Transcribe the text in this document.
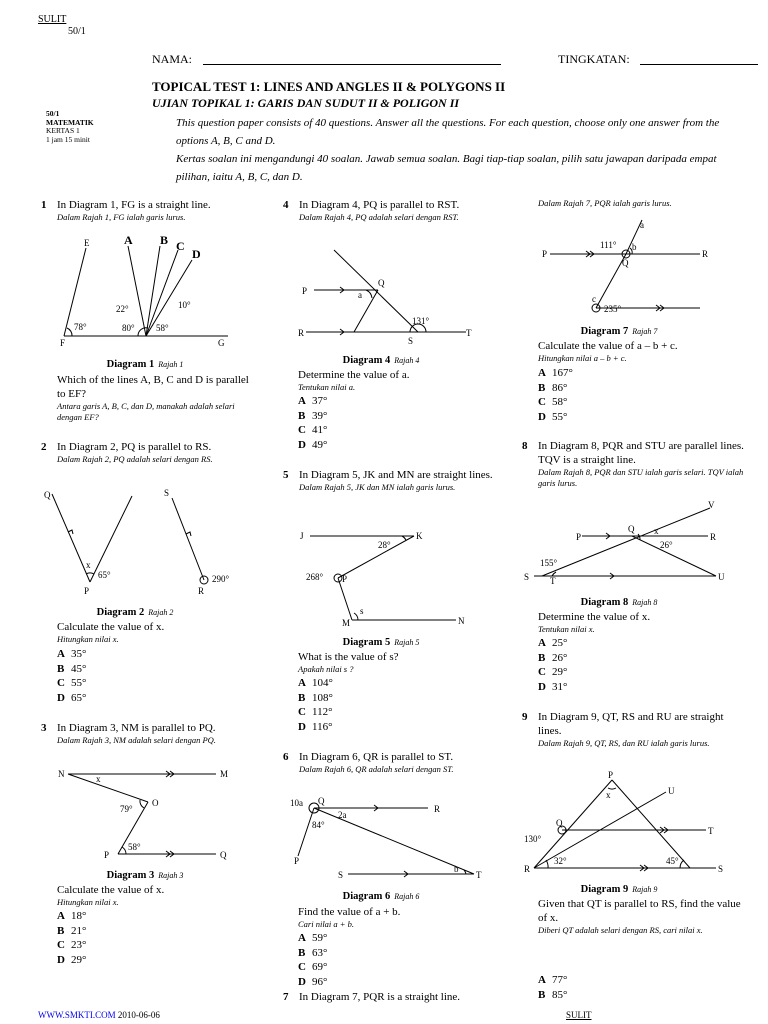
SULIT
50/1
NAMA:	TINGKATAN:
TOPICAL TEST 1: LINES AND ANGLES II & POLYGONS II
UJIAN TOPIKAL 1: GARIS DAN SUDUT II & POLIGON II
50/1
MATEMATIK
KERTAS 1
1 jam 15 minit
This question paper consists of 40 questions. Answer all the questions. For each question, choose only one answer from the options A, B, C and D.
Kertas soalan ini mengandungi 40 soalan. Jawab semua soalan. Bagi tiap-tiap soalan, pilih satu jawapan daripada empat pilihan, iaitu A, B, C, dan D.
1 In Diagram 1, FG is a straight line.
Dalam Rajah 1, FG ialah garis lurus.
E	A B C
D
22°	10°
78°	80° 58°
F	G
Diagram 1 Rajah 1
Which of the lines A, B, C and D is parallel to EF?
Antara garis A, B, C, dan D, manakah adalah selari dengan EF?
2 In Diagram 2, PQ is parallel to RS.
Dalam Rajah 2, PQ adalah selari dengan RS.
Q	S
x
65°	290°
P	R
Diagram 2 Rajah 2
Calculate the value of x.
Hitungkan nilai x.
A 35°
B 45°
C 55°
D 65°
3 In Diagram 3, NM is parallel to PQ.
Dalam Rajah 3, NM adalah selari dengan PQ.
N	M
x
79°
O
58°
P	Q
Diagram 3 Rajah 3
Calculate the value of x.
Hitungkan nilai x.
A 18°
B 21°
C 23°
D 29°
4 In Diagram 4, PQ is parallel to RST.
Dalam Rajah 4, PQ adalah selari dengan RST.
P
Q
a
131°
R
S
T
Diagram 4 Rajah 4
Determine the value of a.
Tentukan nilai a.
A 37°
B 39°
C 41°
D 49°
5 In Diagram 5, JK and MN are straight lines.
Dalam Rajah 5, JK dan MN ialah garis lurus.
J	K
28°
268° P
s
M	N
Diagram 5 Rajah 5
What is the value of s?
Apakah nilai s ?
A 104°
B 108°
C 112°
D 116°
6 In Diagram 6, QR is parallel to ST.
Dalam Rajah 6, QR adalah selari dengan ST.
10a Q
2a
84°
R
P
S
b
T
Diagram 6 Rajah 6
Find the value of a + b.
Cari nilai a + b.
A 59°
B 63°
C 69°
D 96°
7 In Diagram 7, PQR is a straight line.
Dalam Rajah 7, PQR ialah garis lurus.
P
111°
a
b
Q
R
c
235°
Diagram 7 Rajah 7
Calculate the value of a – b + c.
Hitungkan nilai a – b + c.
A 167°
B 86°
C 58°
D 55°
8 In Diagram 8, PQR and STU are parallel lines. TQV is a straight line.
Dalam Rajah 8, PQR dan STU ialah garis selari. TQV ialah garis lurus.
P
Q x
26°
R
V
155°
S T	U
Diagram 8 Rajah 8
Determine the value of x.
Tentukan nilai x.
A 25°
B 26°
C 29°
D 31°
9 In Diagram 9, QT, RS and RU are straight lines.
Dalam Rajah 9, QT, RS, dan RU ialah garis lurus.
P
x	U
130°
Q
T
32°	45°
R	S
Diagram 9 Rajah 9
Given that QT is parallel to RS, find the value of x.
Diberi QT adalah selari dengan RS, cari nilai x.
A 77°
B 85°
WWW.SMKTI.COM 2010-06-06	SULIT
